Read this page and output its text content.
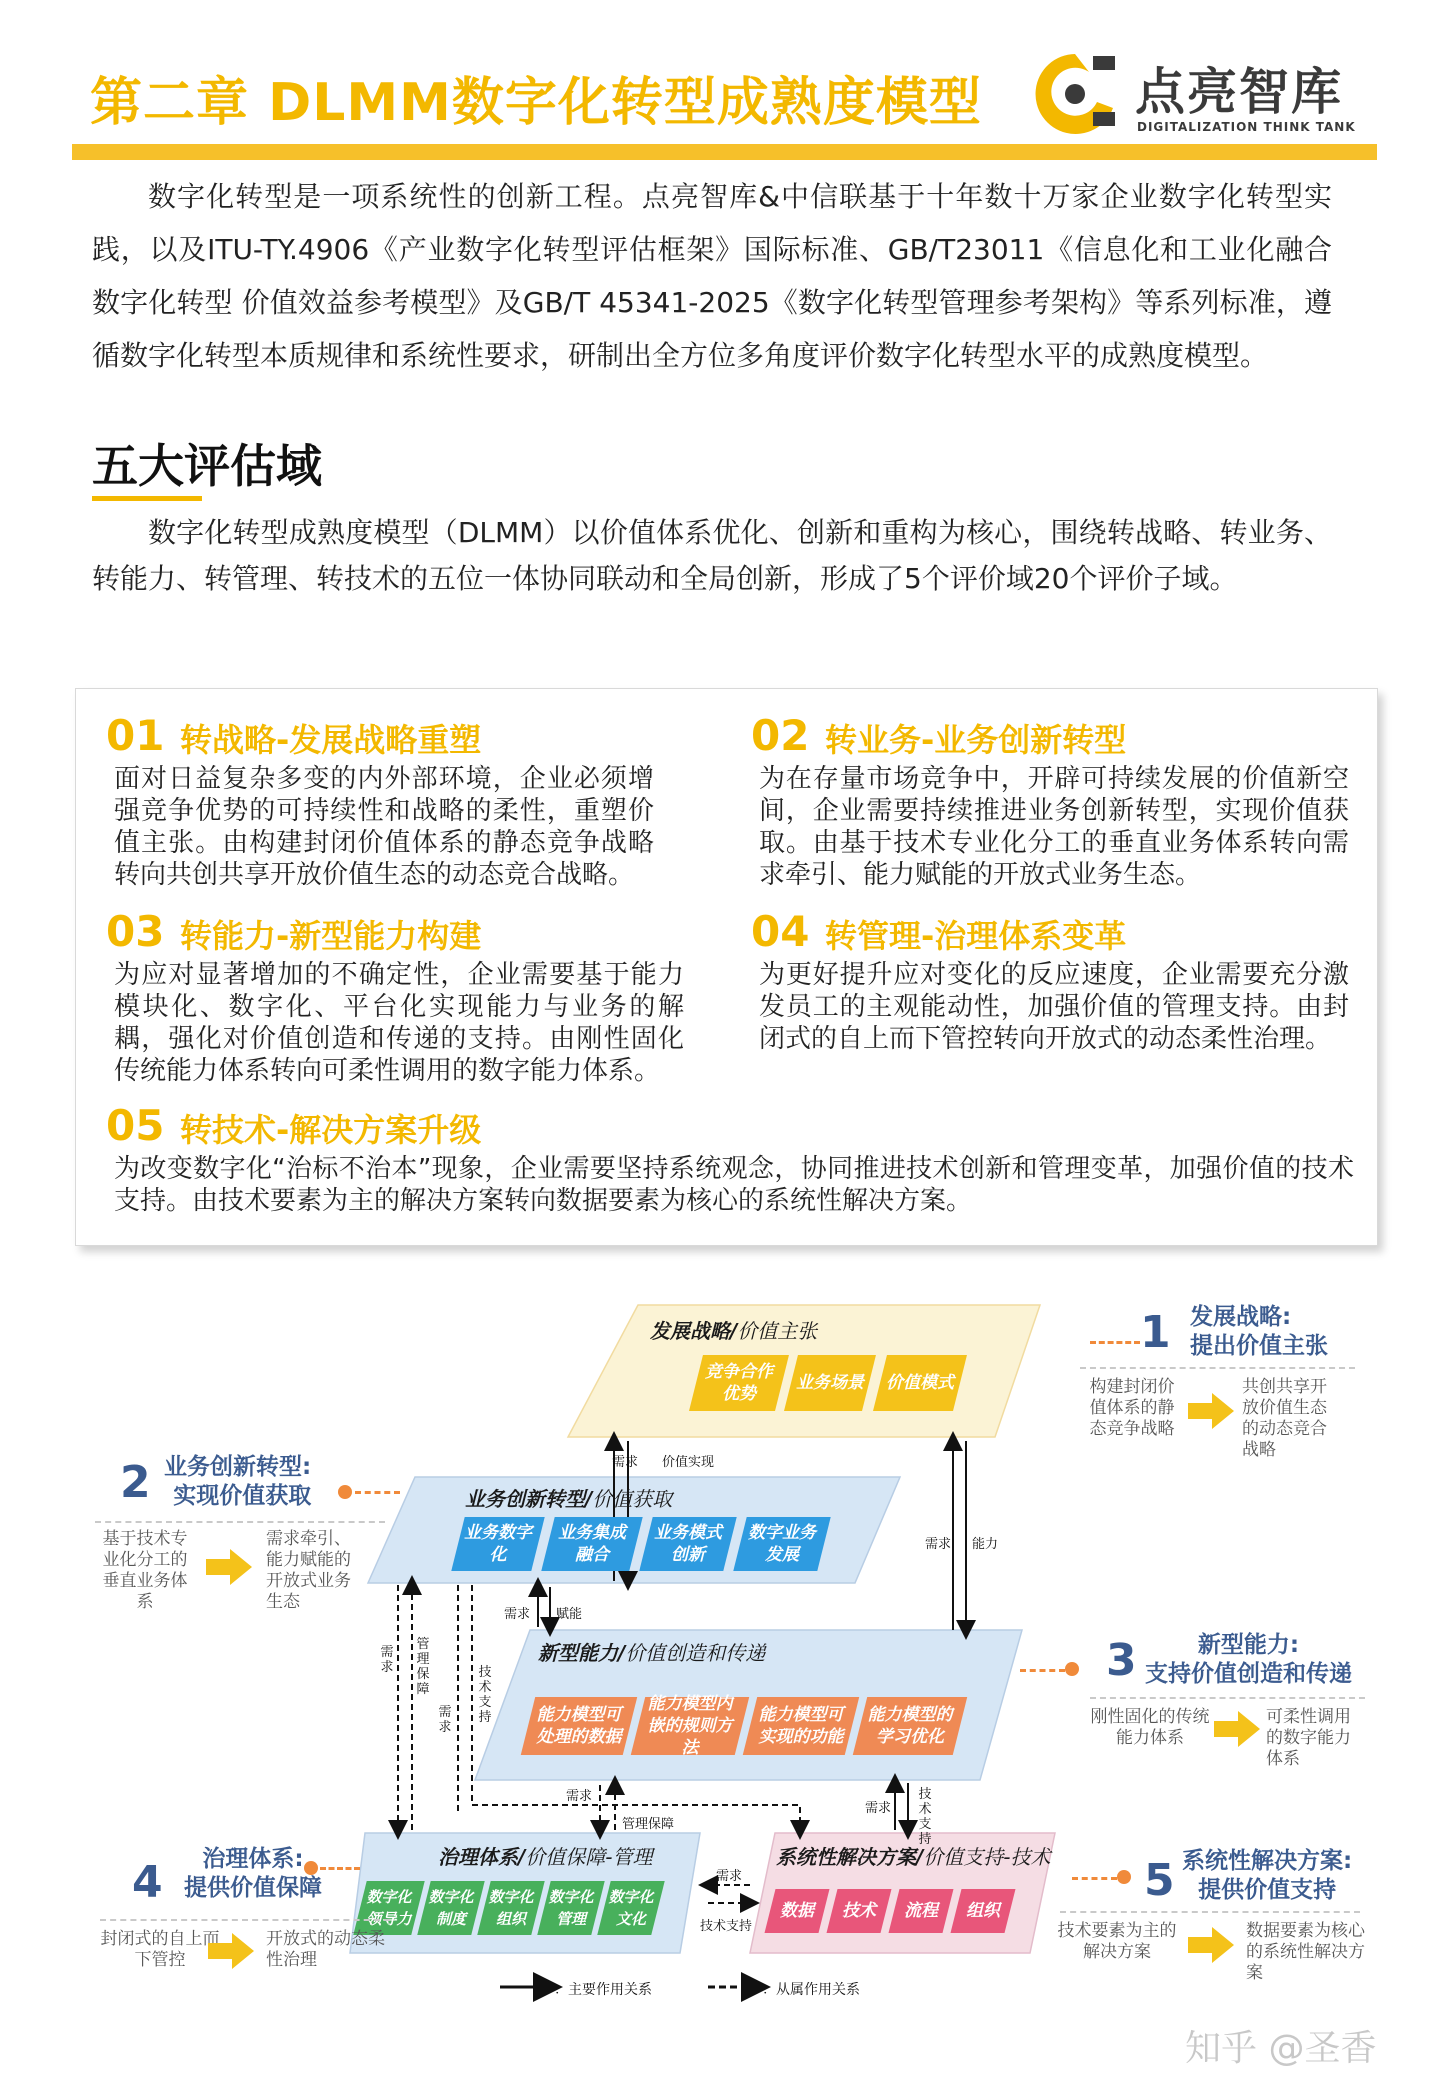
第二章 DLMM数字化转型成熟度模型	点亮智库
DIGITALIZATION THINK TANK

数字化转型是一项系统性的创新工程。点亮智库&中信联基于十年数十万家企业数字化转型实践，以及ITU-TY.4906《产业数字化转型评估框架》国际标准、GB/T23011《信息化和工业化融合 数字化转型 价值效益参考模型》及GB/T 45341-2025《数字化转型管理参考架构》等系列标准，遵循数字化转型本质规律和系统性要求，研制出全方位多角度评价数字化转型水平的成熟度模型。

五大评估域

数字化转型成熟度模型（DLMM）以价值体系优化、创新和重构为核心，围绕转战略、转业务、转能力、转管理、转技术的五位一体协同联动和全局创新，形成了5个评价域20个评价子域。

01 转战略-发展战略重塑
面对日益复杂多变的内外部环境，企业必须增强竞争优势的可持续性和战略的柔性，重塑价值主张。由构建封闭价值体系的静态竞争战略转向共创共享开放价值生态的动态竞合战略。
02 转业务-业务创新转型
为在存量市场竞争中，开辟可持续发展的价值新空间，企业需要持续推进业务创新转型，实现价值获取。由基于技术专业化分工的垂直业务体系转向需求牵引、能力赋能的开放式业务生态。
03 转能力-新型能力构建
为应对显著增加的不确定性，企业需要基于能力模块化、数字化、平台化实现能力与业务的解耦，强化对价值创造和传递的支持。由刚性固化传统能力体系转向可柔性调用的数字能力体系。
04 转管理-治理体系变革
为更好提升应对变化的反应速度，企业需要充分激发员工的主观能动性，加强价值的管理支持。由封闭式的自上而下管控转向开放式的动态柔性治理。
05 转技术-解决方案升级
为改变数字化“治标不治本”现象，企业需要坚持系统观念，协同推进技术创新和管理变革，加强价值的技术支持。由技术要素为主的解决方案转向数据要素为核心的系统性解决方案。
发展战略/价值主张
业务创新转型/价值获取
新型能力/价值创造和传递
治理体系/价值保障-管理	系统性解决方案/价值支持-技术
竞争合作优势
业务场景 价值模式
业务数字化
业务集成融合
业务模式创新
数字业务发展
能力模型可处理的数据
能力模型内嵌的规则方法
能力模型可实现的功能
能力模型的学习优化
数字化领导力
数字化制度
数字化组织
数字化管理
数字化文化	数据 技术 流程 组织
需求 价值实现
需求 能力
需求 赋能
需求
管理保障
需求
技术支持
需求
管理保障
需求
技术支持
需求
技术支持
：主要作用关系	：从属作用关系
1 发展战略:
提出价值主张
构建封闭价值体系的静态竞争战略
共创共享开放价值生态的动态竞合战略
2 业务创新转型:
实现价值获取
基于技术专业化分工的垂直业务体系
需求牵引、能力赋能的开放式业务生态
3	新型能力:
支持价值创造和传递
刚性固化的传统能力体系
可柔性调用的数字能力体系
4	治理体系:
提供价值保障
封闭式的自上而下管控
开放式的动态柔性治理
5 系统性解决方案:
提供价值支持
技术要素为主的解决方案
数据要素为核心的系统性解决方案
知乎 @圣香
